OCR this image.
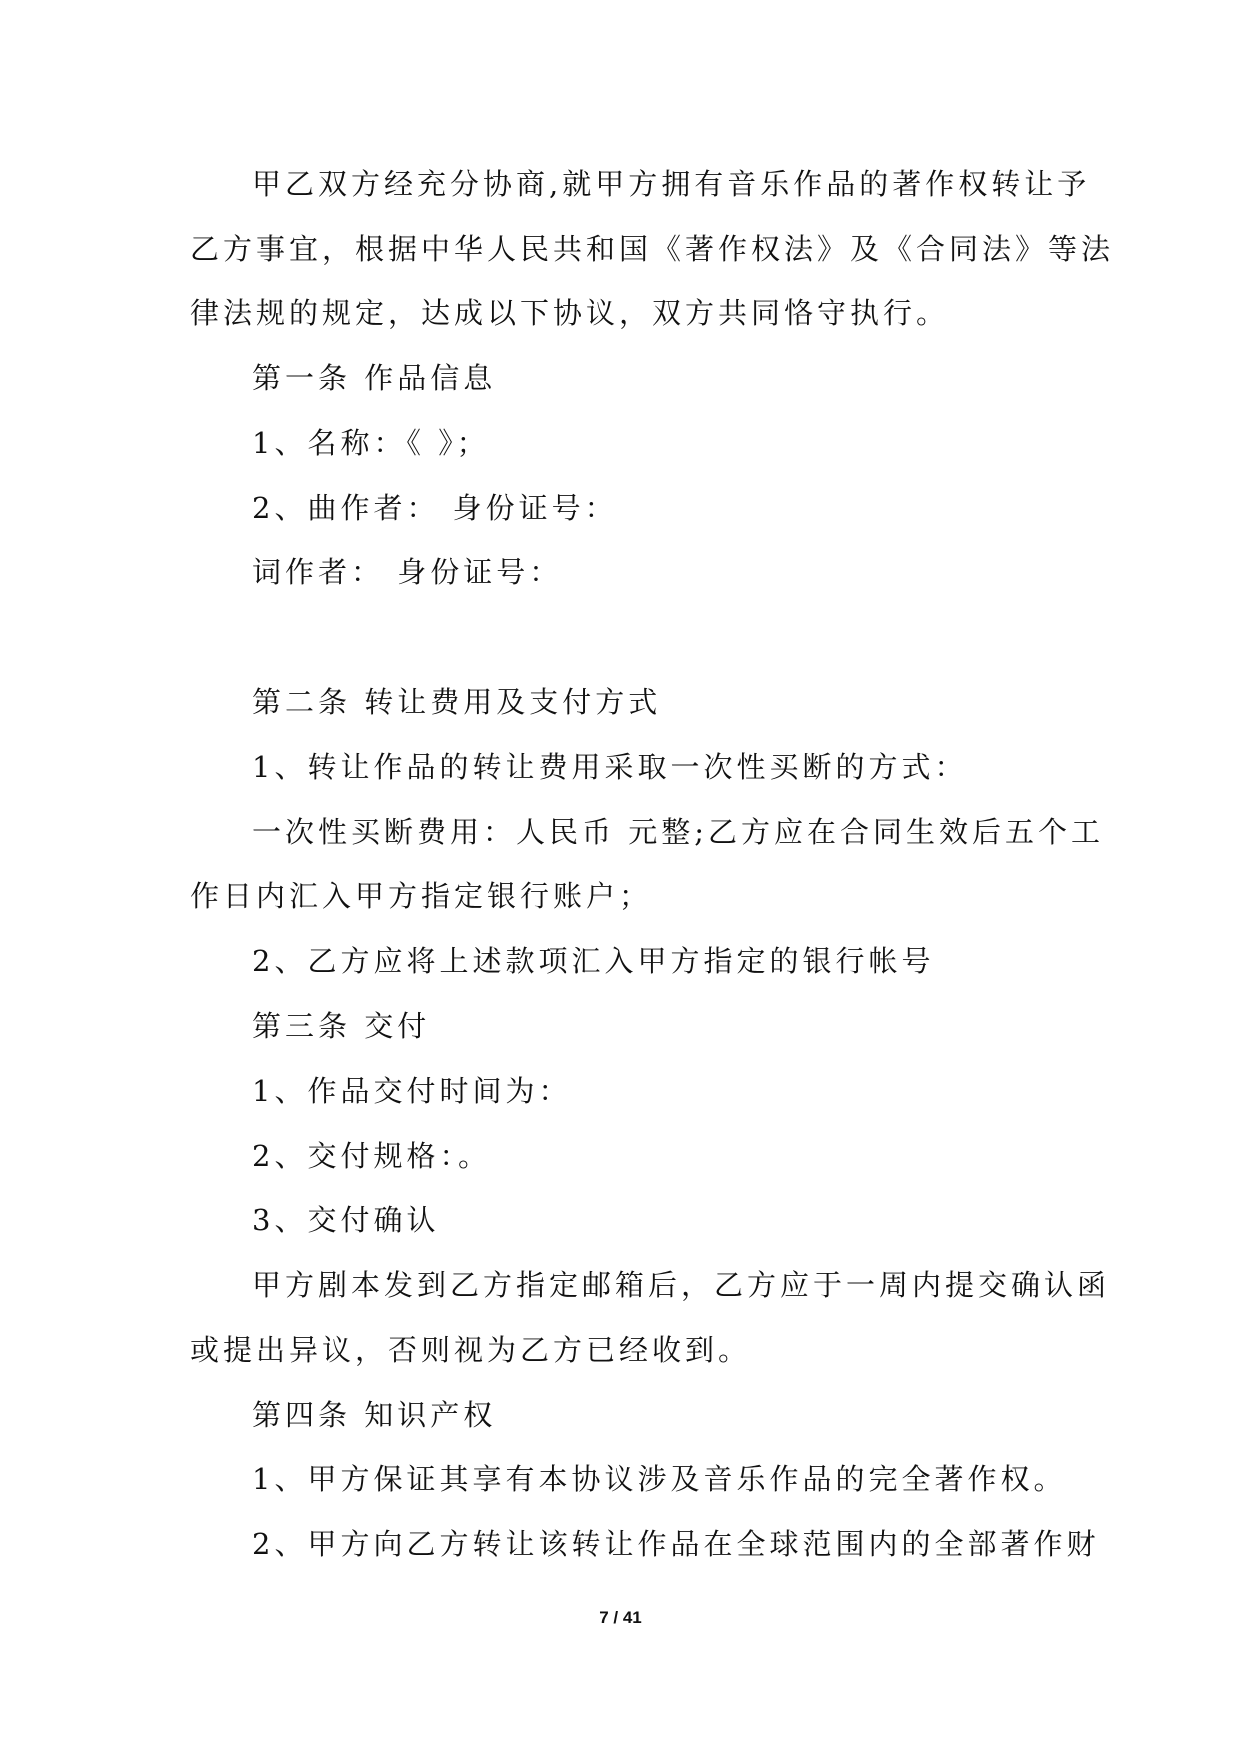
甲乙双方经充分协商,就甲方拥有音乐作品的著作权转让予
乙方事宜，根据中华人民共和国《著作权法》及《合同法》等法
律法规的规定，达成以下协议，双方共同恪守执行。
第一条 作品信息
1、名称：《 》；
2、曲作者： 身份证号：
词作者： 身份证号：
第二条 转让费用及支付方式
1、转让作品的转让费用采取一次性买断的方式：
一次性买断费用：人民币 元整;乙方应在合同生效后五个工
作日内汇入甲方指定银行账户；
2、乙方应将上述款项汇入甲方指定的银行帐号
第三条 交付
1、作品交付时间为：
2、交付规格：。
3、交付确认
甲方剧本发到乙方指定邮箱后，乙方应于一周内提交确认函
或提出异议，否则视为乙方已经收到。
第四条 知识产权
1、甲方保证其享有本协议涉及音乐作品的完全著作权。
2、甲方向乙方转让该转让作品在全球范围内的全部著作财
7 / 41
